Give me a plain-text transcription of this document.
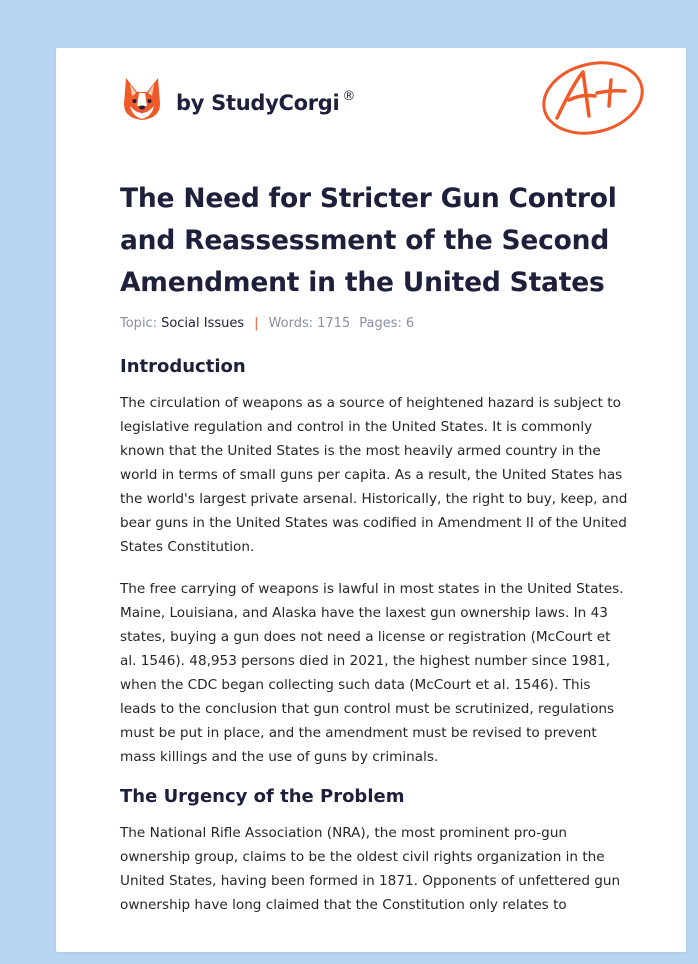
by StudyCorgi ®
The Need for Stricter Gun Control and Reassessment of the Second Amendment in the United States
Topic: Social Issues | Words: 1715 Pages: 6
Introduction

The circulation of weapons as a source of heightened hazard is subject to legislative regulation and control in the United States. It is commonly known that the United States is the most heavily armed country in the world in terms of small guns per capita. As a result, the United States has the world's largest private arsenal. Historically, the right to buy, keep, and bear guns in the United States was codified in Amendment II of the United States Constitution.

The free carrying of weapons is lawful in most states in the United States. Maine, Louisiana, and Alaska have the laxest gun ownership laws. In 43 states, buying a gun does not need a license or registration (McCourt et al. 1546). 48,953 persons died in 2021, the highest number since 1981, when the CDC began collecting such data (McCourt et al. 1546). This leads to the conclusion that gun control must be scrutinized, regulations must be put in place, and the amendment must be revised to prevent mass killings and the use of guns by criminals.

The Urgency of the Problem

The National Rifle Association (NRA), the most prominent pro-gun ownership group, claims to be the oldest civil rights organization in the United States, having been formed in 1871. Opponents of unfettered gun ownership have long claimed that the Constitution only relates to
